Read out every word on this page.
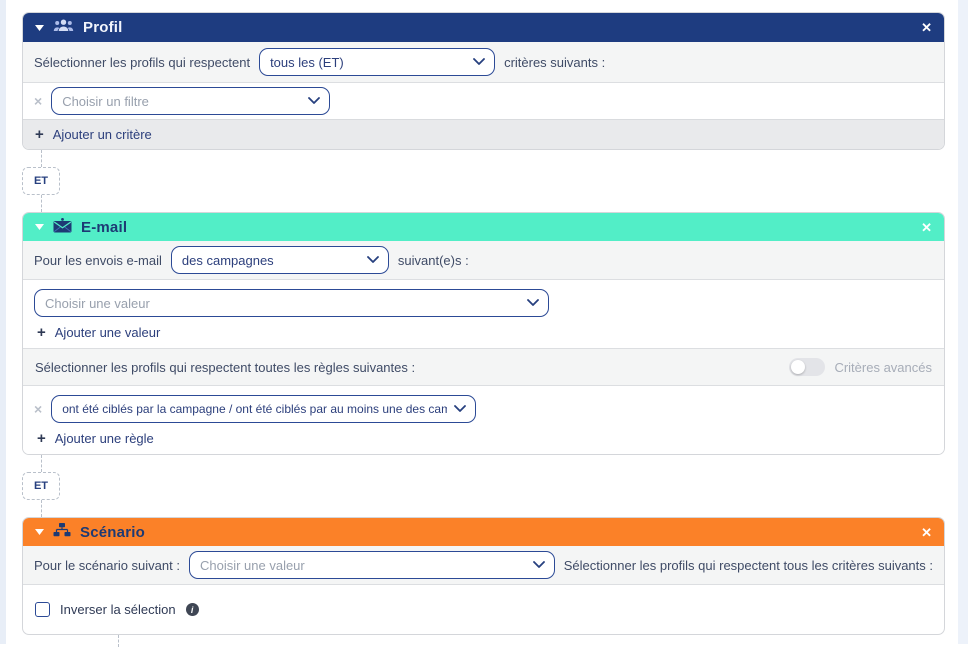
Profil	✕
Sélectionner les profils qui respectent
tous les (ET)	critères suivants :
×
Choisir un filtre
+ Ajouter un critère
ET
E-mail	✕
Pour les envois e-mail
des campagnes	suivant(e)s :
Choisir une valeur
+ Ajouter une valeur
Sélectionner les profils qui respectent toutes les règles suivantes :	Critères avancés
×
ont été ciblés par la campagne / ont été ciblés par au moins une des camp...
+ Ajouter une règle
ET
Scénario	✕
Pour le scénario suivant :
Choisir une valeur	Sélectionner les profils qui respectent tous les critères suivants :
Inverser la sélection	i
